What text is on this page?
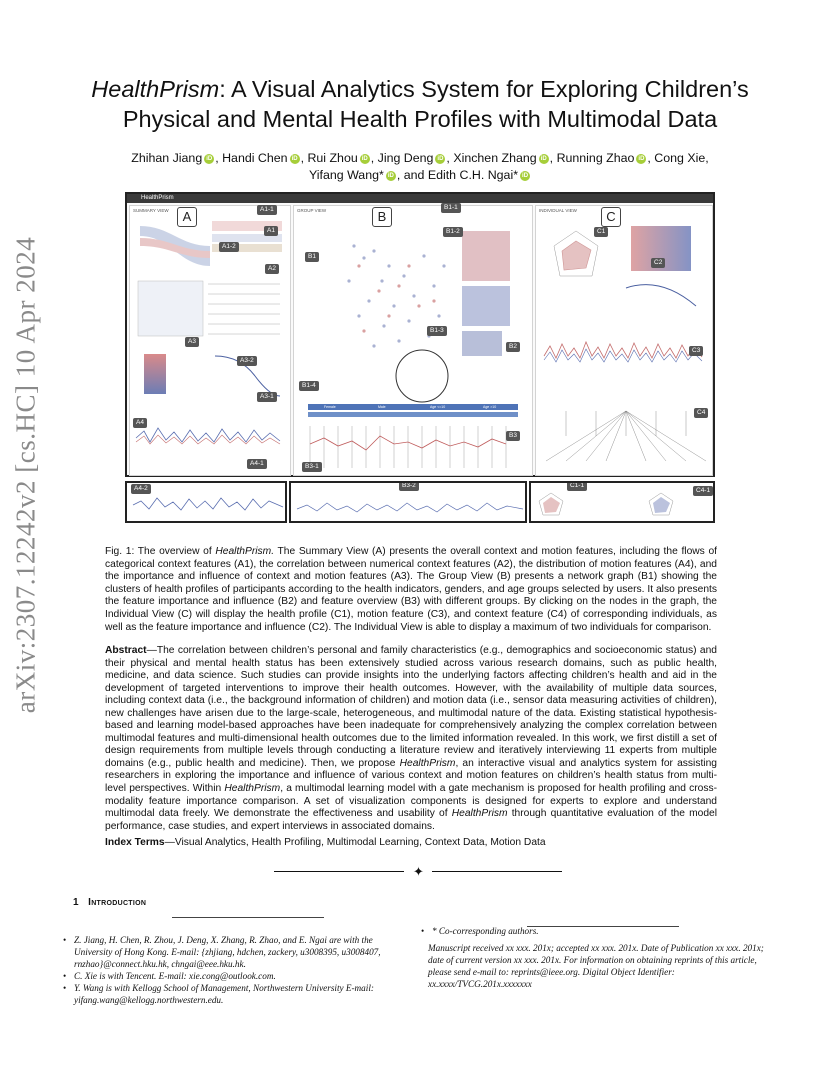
arXiv:2307.12242v2 [cs.HC] 10 Apr 2024
HealthPrism: A Visual Analytics System for Exploring Children’s
Physical and Mental Health Profiles with Multimodal Data
Zhihan Jiang iD , Handi Chen iD , Rui Zhou iD , Jing Deng iD , Xinchen Zhang iD , Running Zhao iD , Cong Xie,
Yifang Wang* iD , and Edith C.H. Ngai* iD
HealthPrism
SUMMARY VIEW	GROUP VIEW
MVPA	SLT	TTA	SPT	TEB	CHIE
Female	Male	Age <=10	Age >10
INDIVIDUAL VIEW
A	B	C
A1-1
A1
A1-2
A2
A3
A3-2
A3-1
A4
A4-1
B1-1
B1-2
B1
B1-3
B1-4
B2
B3
B3-1
C1
C2
C3
C4
A4-2	B3-2	C1-1
C4-1
Fig. 1: The overview of HealthPrism. The Summary View (A) presents the overall context and motion features, including the flows of categorical context features (A1), the correlation between numerical context features (A2), the distribution of motion features (A4), and the importance and influence of context and motion features (A3). The Group View (B) presents a network graph (B1) showing the clusters of health profiles of participants according to the health indicators, genders, and age groups selected by users. It also presents the feature importance and influence (B2) and feature overview (B3) with different groups. By clicking on the nodes in the graph, the Individual View (C) will display the health profile (C1), motion feature (C3), and context feature (C4) of corresponding individuals, as well as the feature importance and influence (C2). The Individual View is able to display a maximum of two individuals for comparison.
Abstract—The correlation between children’s personal and family characteristics (e.g., demographics and socioeconomic status) and their physical and mental health status has been extensively studied across various research domains, such as public health, medicine, and data science. Such studies can provide insights into the underlying factors affecting children’s health and aid in the development of targeted interventions to improve their health outcomes. However, with the availability of multiple data sources, including context data (i.e., the background information of children) and motion data (i.e., sensor data measuring activities of children), new challenges have arisen due to the large-scale, heterogeneous, and multimodal nature of the data. Existing statistical hypothesis-based and learning model-based approaches have been inadequate for comprehensively analyzing the complex correlation between multimodal features and multi-dimensional health outcomes due to the limited information revealed. In this work, we first distill a set of design requirements from multiple levels through conducting a literature review and iteratively interviewing 11 experts from multiple domains (e.g., public health and medicine). Then, we propose HealthPrism, an interactive visual and analytics system for assisting researchers in exploring the importance and influence of various context and motion features on children’s health status from multi-level perspectives. Within HealthPrism, a multimodal learning model with a gate mechanism is proposed for health profiling and cross-modality feature importance comparison. A set of visualization components is designed for experts to explore and understand multimodal data freely. We demonstrate the effectiveness and usability of HealthPrism through quantitative evaluation of the model performance, case studies, and expert interviews in associated domains.
Index Terms—Visual Analytics, Health Profiling, Multimodal Learning, Context Data, Motion Data
✦
1 Introduction
• Z. Jiang, H. Chen, R. Zhou, J. Deng, X. Zhang, R. Zhao, and E. Ngai are with the University of Hong Kong. E-mail: {zhjiang, hdchen, zackery, u3008395, u3008407, rnzhao}@connect.hku.hk, chngai@eee.hku.hk.
• C. Xie is with Tencent. E-mail: xie.cong@outlook.com.
• Y. Wang is with Kellogg School of Management, Northwestern University E-mail: yifang.wang@kellogg.northwestern.edu.
• * Co-corresponding authors.
Manuscript received xx xxx. 201x; accepted xx xxx. 201x. Date of Publication xx xxx. 201x; date of current version xx xxx. 201x. For information on obtaining reprints of this article, please send e-mail to: reprints@ieee.org. Digital Object Identifier: xx.xxxx/TVCG.201x.xxxxxxx
